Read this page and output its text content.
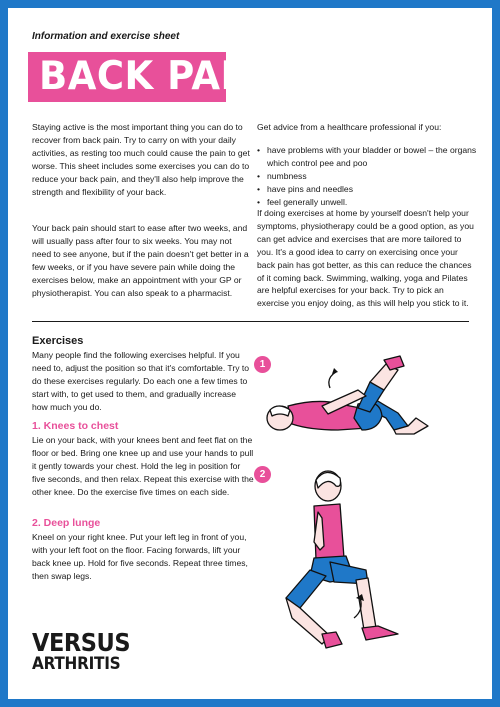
Information and exercise sheet
BACK PAIN

Staying active is the most important thing you can do to recover from back pain. Try to carry on with your daily activities, as resting too much could cause the pain to get worse. This sheet includes some exercises you can do to reduce your back pain, and they'll also help improve the strength and flexibility of your back.

Your back pain should start to ease after two weeks, and will usually pass after four to six weeks. You may not need to see anyone, but if the pain doesn't get better in a few weeks, or if you have severe pain while doing the exercises below, make an appointment with your GP or physiotherapist. You can also speak to a pharmacist.

Get advice from a healthcare professional if you:

• have problems with your bladder or bowel – the organs which control pee and poo
• numbness
• have pins and needles
• feel generally unwell.

If doing exercises at home by yourself doesn't help your symptoms, physiotherapy could be a good option, as you can get advice and exercises that are more tailored to you. It's a good idea to carry on exercising once your back pain has got better, as this can reduce the chances of it coming back. Swimming, walking, yoga and Pilates are helpful exercises for your back. Try to pick an exercise you enjoy doing, as this will help you stick to it.

Exercises

Many people find the following exercises helpful. If you need to, adjust the position so that it's comfortable. Try to do these exercises regularly. Do each one a few times to start with, to get used to them, and gradually increase how much you do.

1. Knees to chest

Lie on your back, with your knees bent and feet flat on the floor or bed. Bring one knee up and use your hands to pull it gently towards your chest. Hold the leg in position for five seconds, and then relax. Repeat this exercise with the other knee. Do the exercise five times on each side.

2. Deep lunge

Kneel on your right knee. Put your left leg in front of you, with your left foot on the floor. Facing forwards, lift your back knee up. Hold for five seconds. Repeat three times, then swap legs.

1
2
VERSUS
ARTHRITIS
